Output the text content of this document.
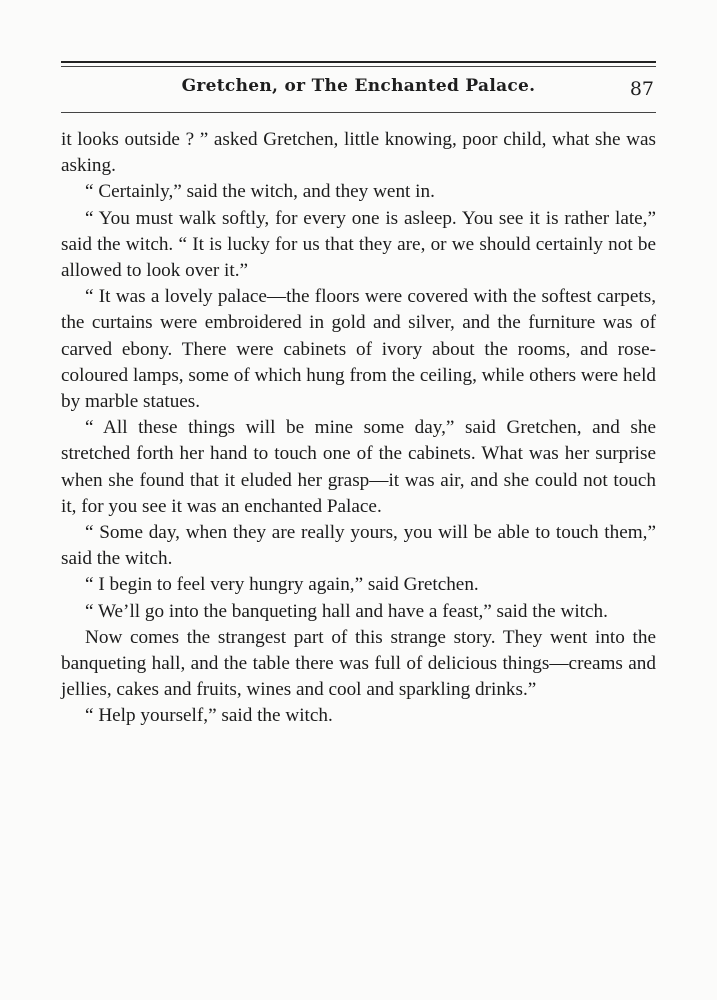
Gretchen, or The Enchanted Palace.	87

it looks outside ? ” asked Gretchen, little knowing, poor child, what she was asking.

“ Certainly,” said the witch, and they went in.

“ You must walk softly, for every one is asleep. You see it is rather late,” said the witch. “ It is lucky for us that they are, or we should certainly not be allowed to look over it.”

“ It was a lovely palace—the floors were covered with the softest carpets, the curtains were embroidered in gold and silver, and the furniture was of carved ebony. There were cabinets of ivory about the rooms, and rose-coloured lamps, some of which hung from the ceiling, while others were held by marble statues.

“ All these things will be mine some day,” said Gretchen, and she stretched forth her hand to touch one of the cabinets. What was her surprise when she found that it eluded her grasp—it was air, and she could not touch it, for you see it was an enchanted Palace.

“ Some day, when they are really yours, you will be able to touch them,” said the witch.

“ I begin to feel very hungry again,” said Gretchen.

“ We’ll go into the banqueting hall and have a feast,” said the witch.

Now comes the strangest part of this strange story. They went into the banqueting hall, and the table there was full of delicious things—creams and jellies, cakes and fruits, wines and cool and sparkling drinks.”

“ Help yourself,” said the witch.
